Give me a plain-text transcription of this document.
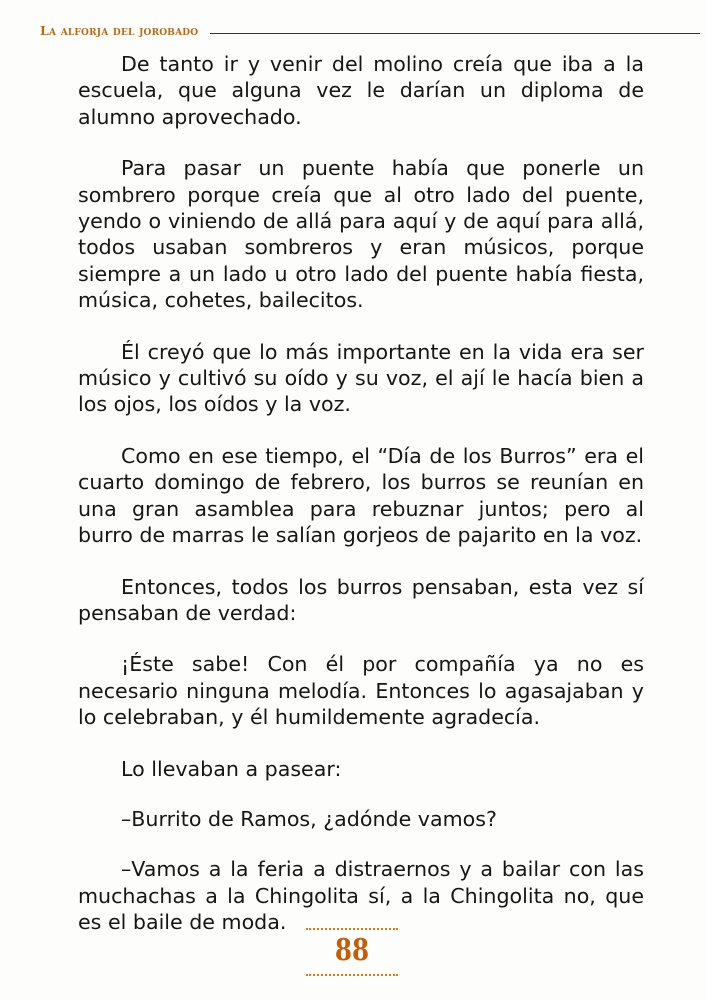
La alforja del jorobado

De tanto ir y venir del molino creía que iba a la escuela, que alguna vez le darían un diploma de alumno aprovechado.

Para pasar un puente había que ponerle un sombrero porque creía que al otro lado del puente, yendo o viniendo de allá para aquí y de aquí para allá, todos usaban sombreros y eran músicos, porque siempre a un lado u otro lado del puente había fiesta, música, cohetes, bailecitos.

Él creyó que lo más importante en la vida era ser músico y cultivó su oído y su voz, el ají le hacía bien a los ojos, los oídos y la voz.

Como en ese tiempo, el “Día de los Burros” era el cuarto domingo de febrero, los burros se reunían en una gran asamblea para rebuznar juntos; pero al burro de marras le salían gorjeos de pajarito en la voz.

Entonces, todos los burros pensaban, esta vez sí pensaban de verdad:

¡Éste sabe! Con él por compañía ya no es necesario ninguna melodía. Entonces lo agasajaban y lo celebraban, y él humildemente agradecía.

Lo llevaban a pasear:

–Burrito de Ramos, ¿adónde vamos?

–Vamos a la feria a distraernos y a bailar con las muchachas a la Chingolita sí, a la Chingolita no, que es el baile de moda.

88
